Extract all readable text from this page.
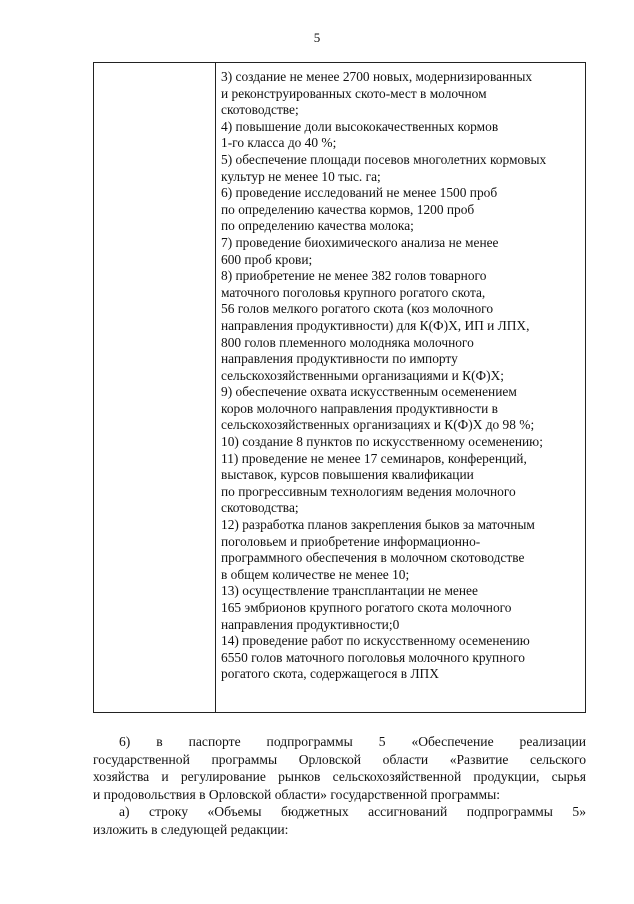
5
3) создание не менее 2700 новых, модернизированных
и реконструированных ското-мест в молочном
скотоводстве;
4) повышение доли высококачественных кормов
1-го класса до 40 %;
5) обеспечение площади посевов многолетних кормовых
культур не менее 10 тыс. га;
6) проведение исследований не менее 1500 проб
по определению качества кормов, 1200 проб
по определению качества молока;
7) проведение биохимического анализа не менее
600 проб крови;
8) приобретение не менее 382 голов товарного
маточного поголовья крупного рогатого скота,
56 голов мелкого рогатого скота (коз молочного
направления продуктивности) для К(Ф)Х, ИП и ЛПХ,
800 голов племенного молодняка молочного
направления продуктивности по импорту
сельскохозяйственными организациями и К(Ф)Х;
9) обеспечение охвата искусственным осеменением
коров молочного направления продуктивности в
сельскохозяйственных организациях и К(Ф)Х до 98 %;
10) создание 8 пунктов по искусственному осеменению;
11) проведение не менее 17 семинаров, конференций,
выставок, курсов повышения квалификации
по прогрессивным технологиям ведения молочного
скотоводства;
12) разработка планов закрепления быков за маточным
поголовьем и приобретение информационно-
программного обеспечения в молочном скотоводстве
в общем количестве не менее 10;
13) осуществление трансплантации не менее
165 эмбрионов крупного рогатого скота молочного
направления продуктивности;0
14) проведение работ по искусственному осеменению
6550 голов маточного поголовья молочного крупного
рогатого скота, содержащегося в ЛПХ
6) в паспорте подпрограммы 5 «Обеспечение реализации
государственной программы Орловской области «Развитие сельского
хозяйства и регулирование рынков сельскохозяйственной продукции, сырья
и продовольствия в Орловской области» государственной программы:
а) строку «Объемы бюджетных ассигнований подпрограммы 5»
изложить в следующей редакции:
